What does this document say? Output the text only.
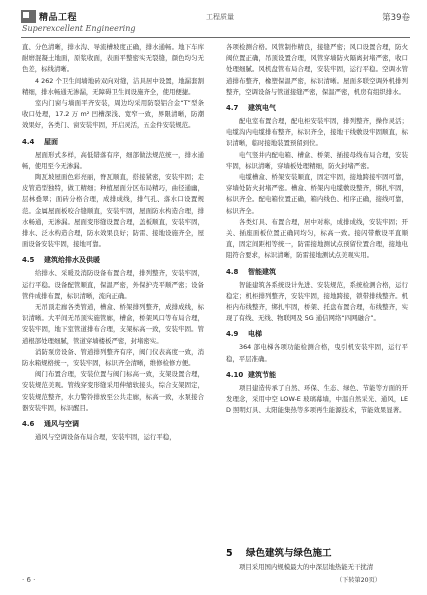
精品工程
Superexcellent Engineering
工程质量	第39卷

直、分色清晰，排水沟、导流槽坡度正确，排水通畅。地下车库耐磨混凝土地面，原浆收面，表面平整密实无裂缝，颜色均匀无色差，标线清晰。

4 262 个卫生间墙地砖双向对缝，洁具居中设置，地漏套割精细，排水畅通无渗漏，无障碍卫生间设施齐全，使用便捷。

室内门窗与墙面平齐安装，周边均采用防裂铝合金“T”型条收口处理，17.2 万 m² 凹槽深浅、宽窄一致，界限清晰，防潮效果好，各类门、窗安装牢固，开启灵活，五金件安装规范。

4.4 屋面

屋面形式多样，高低错落有序，细部做法规范统一，排水通畅，使用至今无渗漏。

陶瓦坡屋面色彩亮丽，脊瓦顺直，搭接紧密，安装牢固；走皮管造型独特，做工精细；种植屋面分区布局精巧，曲径通幽，层林叠翠；面砖分格合理，成排成线，排气孔、落水口设置规范。金属屋面板咬合缝顺直，安装牢固，屋面防水构造合理，排水畅通，无渗漏。屋面变形缝设置合理，盖板顺直，安装牢固，排水、泛水构造合理，防水效果良好；防雷、接地设施齐全，屋面设备安装牢固，接地可靠。

4.5 建筑给排水及供暖

给排水、采暖及消防设备布置合理，排列整齐，安装牢固，运行平稳。设备配管顺直，保温严密，外保护壳平顺严密；设备管件成排布置，标识清晰，流向正确。

无吊顶走廊各类管道，槽盒、桥架排列整齐，成排成线，标识清晰。大平间无吊顶实施管廊，槽盒，桥架风口等布局合理，安装牢固，地下室管道排布合理，支架标高一致，安装牢固。管道根部处理细腻，管道穿墙楼板严密，封堵密实。

消防泵房设备、管道排列整齐有序，阀门仪表高度一致，消防水箱规格统一，安装牢固，标识齐全清晰，维修检修方便。

阀门布置合理，安装位置与阀门标高一致，支架设置合理，安装规范美观。管线穿变形缝采用伸缩软接头，综合支架固定，安装规范整齐，水力警铃排放至公共走廊，标高一致，水泵接合器安装牢固，标识醒目。

4.6 通风与空调

通风与空调设备布局合理，安装牢固，运行平稳，

各项检测合格。风管制作精良，接缝严密；风口设置合理，防火阀位置正确，吊顶设置合理，风管穿墙防火隔离封堵严密，收口处理细腻。风机盘管布局合理，安装牢固，运行平稳。空调水管道排布整齐，橡塑保温严密，标识清晰。屋面多联空调外机排列整齐，空调设备与管道接缝严密，保温严密，机房有组织排水。

4.7 建筑电气

配电室布置合理，配电柜安装牢固，排列整齐，操作灵活；电缆沟内电缆排布整齐，标识齐全，接地干线敷设牢固顺直，标识清晰，临时接地装置预留到位。

电气竖井内配电箱、槽盒、桥架、插接母线布局合理，安装牢固，标识清晰，穿墙板处理精细，防火封堵严密。

电缆槽盒、桥架安装顺直，固定牢固，接地跨接牢固可靠，穿墙处防火封堵严密。槽盒、桥架内电缆敷设整齐，绑扎牢固，标识齐全。配电箱位置正确，箱内线色、相序正确，接线可靠，标识齐全。

各类灯具、布置合理，居中对称，成排成线，安装牢固；开关、插座面板位置正确同均匀，标高一致。接闪带敷设平直顺直，固定间距相等统一，防雷接地测试点预留位置合理，接地电阻符合要求，标识清晰，防雷接地测试点美观实用。

4.8 智能建筑

智能建筑各系统设计先进、安装规范，系统检测合格，运行稳定；机柜排列整齐，安装牢固，接地跨接，锁带排线整齐。机柜内布线整齐，绑扎牢固，桥架、托盘布置合理，布线整齐，实现了有线、无线、物联网及 5G 通信网络“四网融合”。

4.9 电梯

364 部电梯各项功能检测合格，曳引机安装牢固，运行平稳，平层准确。

4.10 建筑节能

项目建造传承了自然、环保、生态、绿色、节能等方面的开发理念，采用中空 LOW-E 玻璃幕墙，中温自然采光、通风，LED 照明灯具、太阳能集热等多项再生能源技术，节能效果显著。

5 绿色建筑与绿色施工
项目采用国内规模最大的中深层地热能无干扰清
（下转第20页）
· 6 ·
